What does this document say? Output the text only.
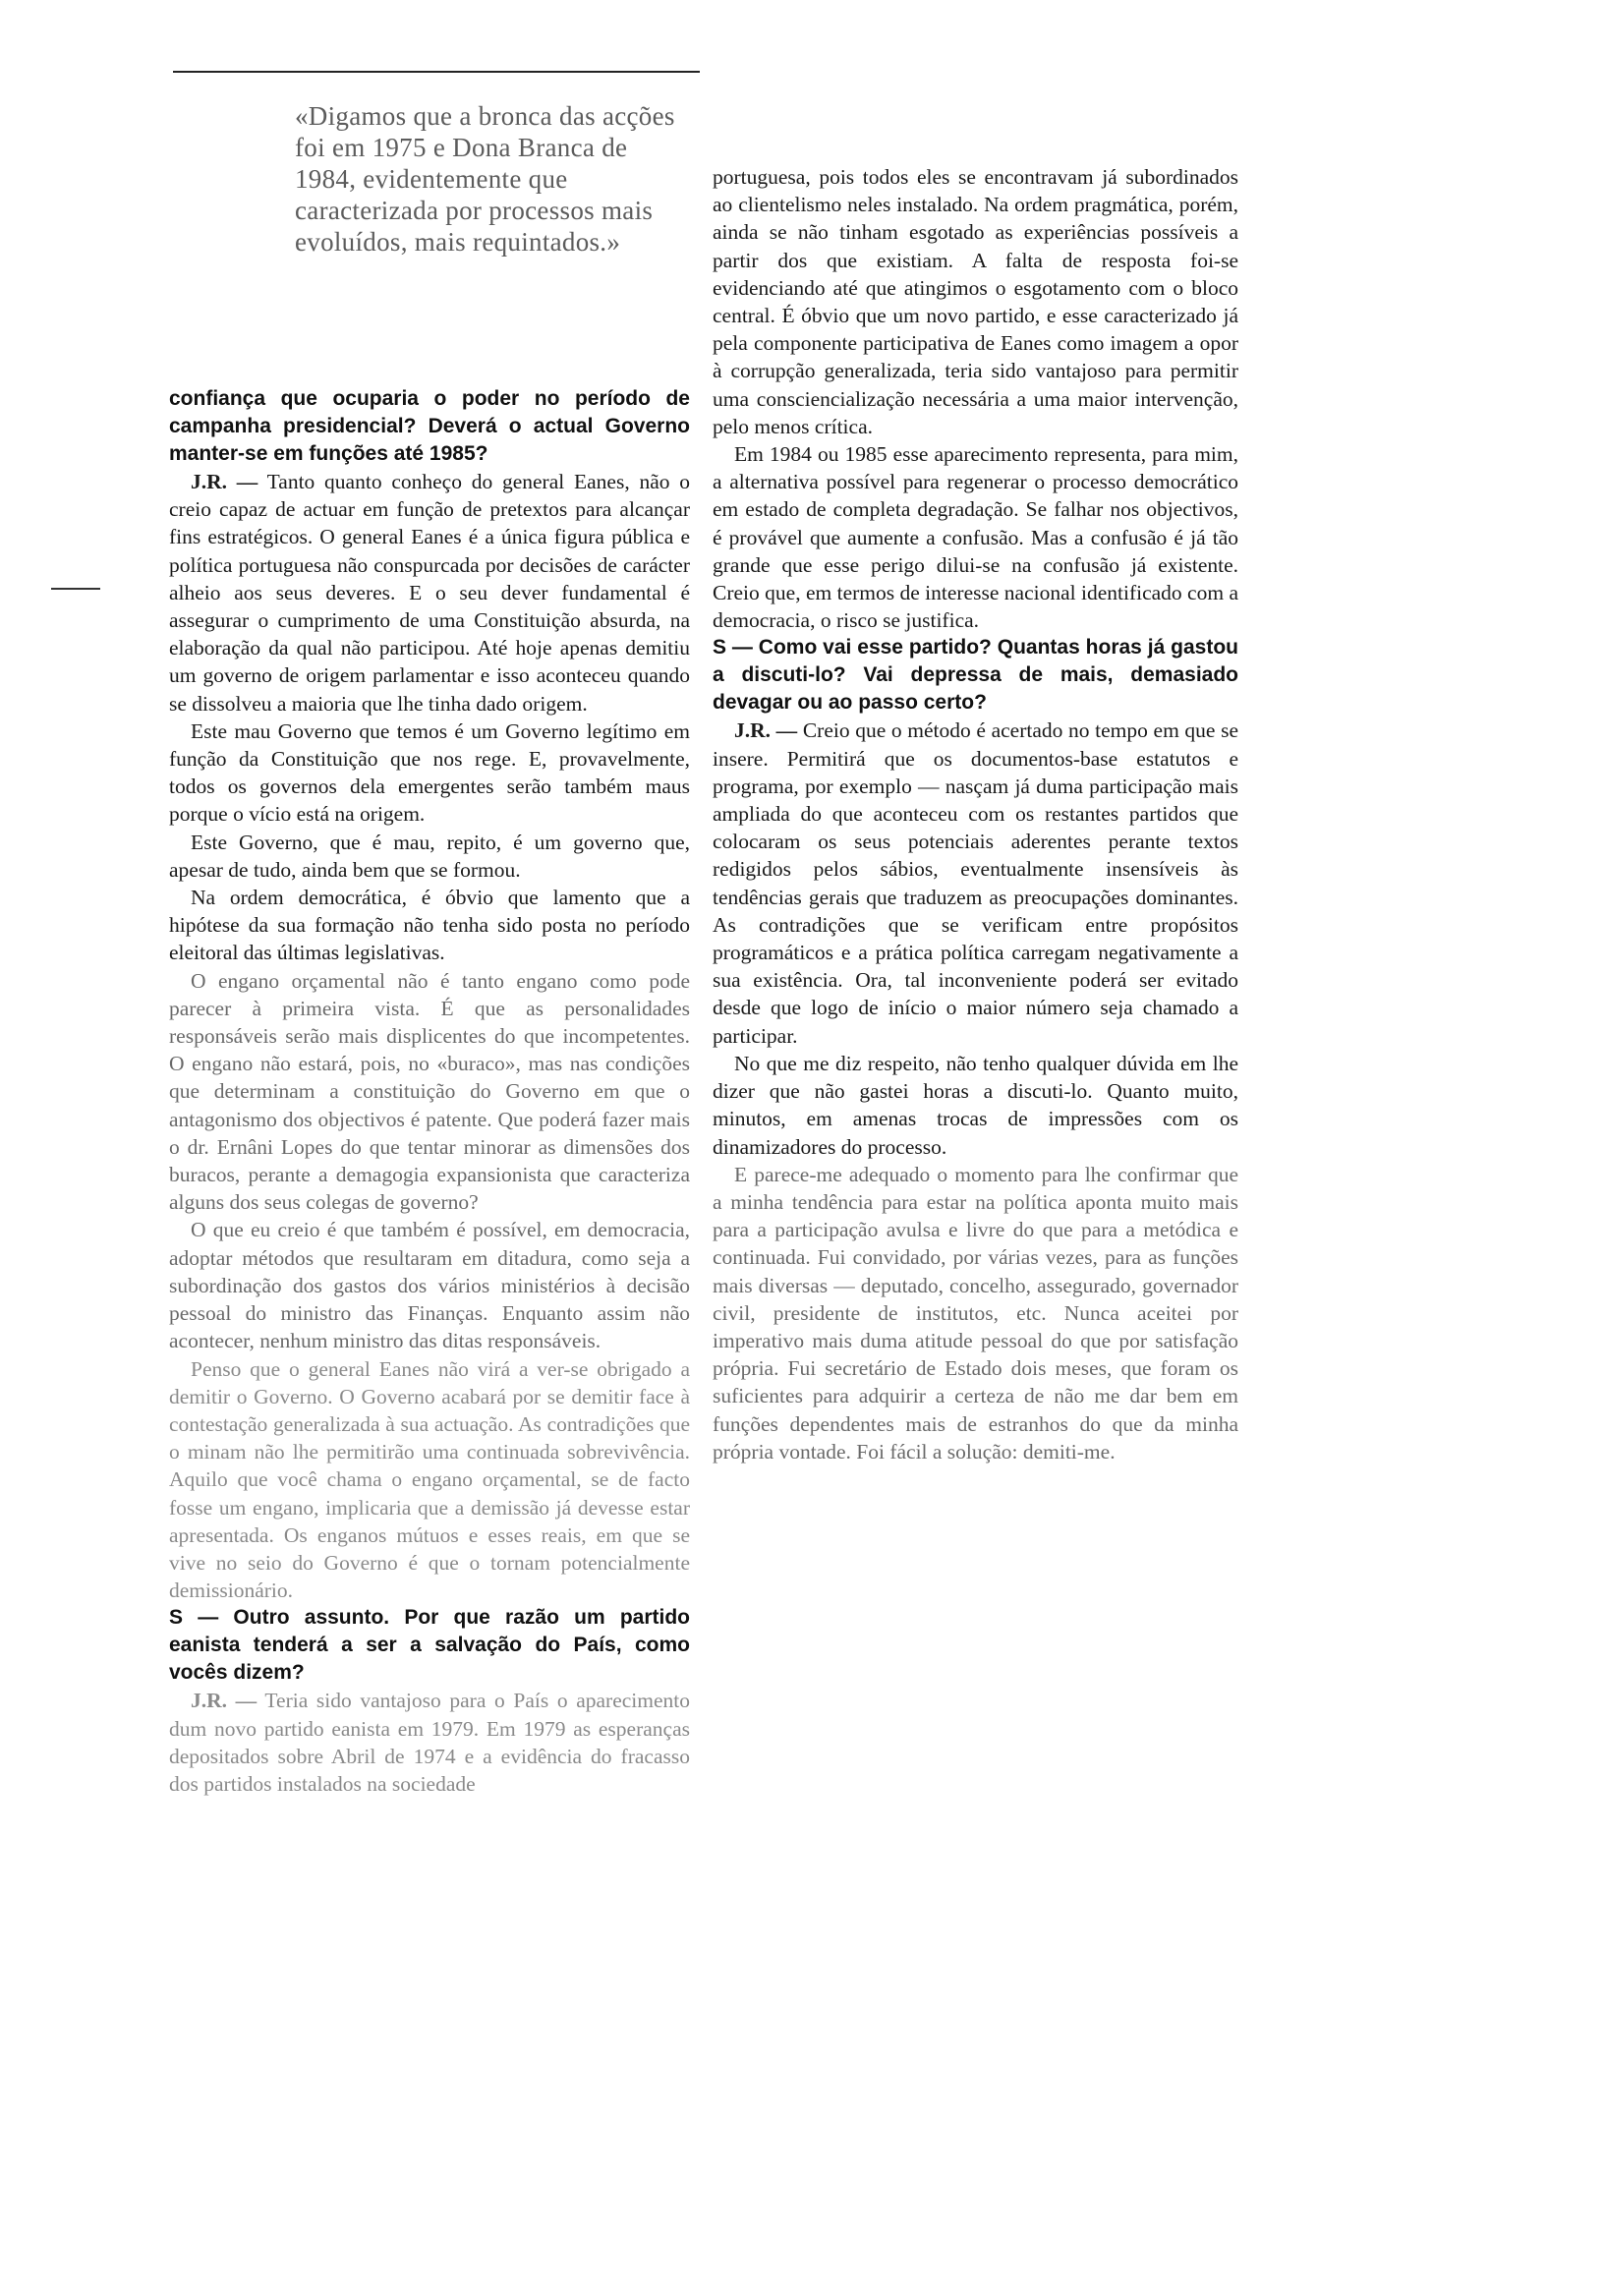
«Digamos que a bronca das acções foi em 1975 e Dona Branca de 1984, evidentemente que caracterizada por processos mais evoluídos, mais requintados.»

confiança que ocuparia o poder no período de campanha presidencial? Deverá o actual Governo manter-se em funções até 1985?

J.R. — Tanto quanto conheço do general Eanes, não o creio capaz de actuar em função de pretextos para alcançar fins estratégicos. O general Eanes é a única figura pública e política portuguesa não conspurcada por decisões de carácter alheio aos seus deveres. E o seu dever fundamental é assegurar o cumprimento de uma Constituição absurda, na elaboração da qual não participou. Até hoje apenas demitiu um governo de origem parlamentar e isso aconteceu quando se dissolveu a maioria que lhe tinha dado origem.

Este mau Governo que temos é um Governo legítimo em função da Constituição que nos rege. E, provavelmente, todos os governos dela emergentes serão também maus porque o vício está na origem.

Este Governo, que é mau, repito, é um governo que, apesar de tudo, ainda bem que se formou.

Na ordem democrática, é óbvio que lamento que a hipótese da sua formação não tenha sido posta no período eleitoral das últimas legislativas.

O engano orçamental não é tanto engano como pode parecer à primeira vista. É que as personalidades responsáveis serão mais displicentes do que incompetentes. O engano não estará, pois, no «buraco», mas nas condições que determinam a constituição do Governo em que o antagonismo dos objectivos é patente. Que poderá fazer mais o dr. Ernâni Lopes do que tentar minorar as dimensões dos buracos, perante a demagogia expansionista que caracteriza alguns dos seus colegas de governo?

O que eu creio é que também é possível, em democracia, adoptar métodos que resultaram em ditadura, como seja a subordinação dos gastos dos vários ministérios à decisão pessoal do ministro das Finanças. Enquanto assim não acontecer, nenhum ministro das ditas responsáveis.

Penso que o general Eanes não virá a ver-se obrigado a demitir o Governo. O Governo acabará por se demitir face à contestação generalizada à sua actuação. As contradições que o minam não lhe permitirão uma continuada sobrevivência. Aquilo que você chama o engano orçamental, se de facto fosse um engano, implicaria que a demissão já devesse estar apresentada. Os enganos mútuos e esses reais, em que se vive no seio do Governo é que o tornam potencialmente demissionário.

S — Outro assunto. Por que razão um partido eanista tenderá a ser a salvação do País, como vocês dizem?

J.R. — Teria sido vantajoso para o País o aparecimento dum novo partido eanista em 1979. Em 1979 as esperanças depositados sobre Abril de 1974 e a evidência do fracasso dos partidos instalados na sociedade

portuguesa, pois todos eles se encontravam já subordinados ao clientelismo neles instalado. Na ordem pragmática, porém, ainda se não tinham esgotado as experiências possíveis a partir dos que existiam. A falta de resposta foi-se evidenciando até que atingimos o esgotamento com o bloco central. É óbvio que um novo partido, e esse caracterizado já pela componente participativa de Eanes como imagem a opor à corrupção generalizada, teria sido vantajoso para permitir uma consciencialização necessária a uma maior intervenção, pelo menos crítica.

Em 1984 ou 1985 esse aparecimento representa, para mim, a alternativa possível para regenerar o processo democrático em estado de completa degradação. Se falhar nos objectivos, é provável que aumente a confusão. Mas a confusão é já tão grande que esse perigo dilui-se na confusão já existente. Creio que, em termos de interesse nacional identificado com a democracia, o risco se justifica.

S — Como vai esse partido? Quantas horas já gastou a discuti-lo? Vai depressa de mais, demasiado devagar ou ao passo certo?

J.R. — Creio que o método é acertado no tempo em que se insere. Permitirá que os documentos-base estatutos e programa, por exemplo — nasçam já duma participação mais ampliada do que aconteceu com os restantes partidos que colocaram os seus potenciais aderentes perante textos redigidos pelos sábios, eventualmente insensíveis às tendências gerais que traduzem as preocupações dominantes. As contradições que se verificam entre propósitos programáticos e a prática política carregam negativamente a sua existência. Ora, tal inconveniente poderá ser evitado desde que logo de início o maior número seja chamado a participar.

No que me diz respeito, não tenho qualquer dúvida em lhe dizer que não gastei horas a discuti-lo. Quanto muito, minutos, em amenas trocas de impressões com os dinamizadores do processo.

E parece-me adequado o momento para lhe confirmar que a minha tendência para estar na política aponta muito mais para a participação avulsa e livre do que para a metódica e continuada. Fui convidado, por várias vezes, para as funções mais diversas — deputado, concelho, assegurado, governador civil, presidente de institutos, etc. Nunca aceitei por imperativo mais duma atitude pessoal do que por satisfação própria. Fui secretário de Estado dois meses, que foram os suficientes para adquirir a certeza de não me dar bem em funções dependentes mais de estranhos do que da minha própria vontade. Foi fácil a solução: demiti-me.
